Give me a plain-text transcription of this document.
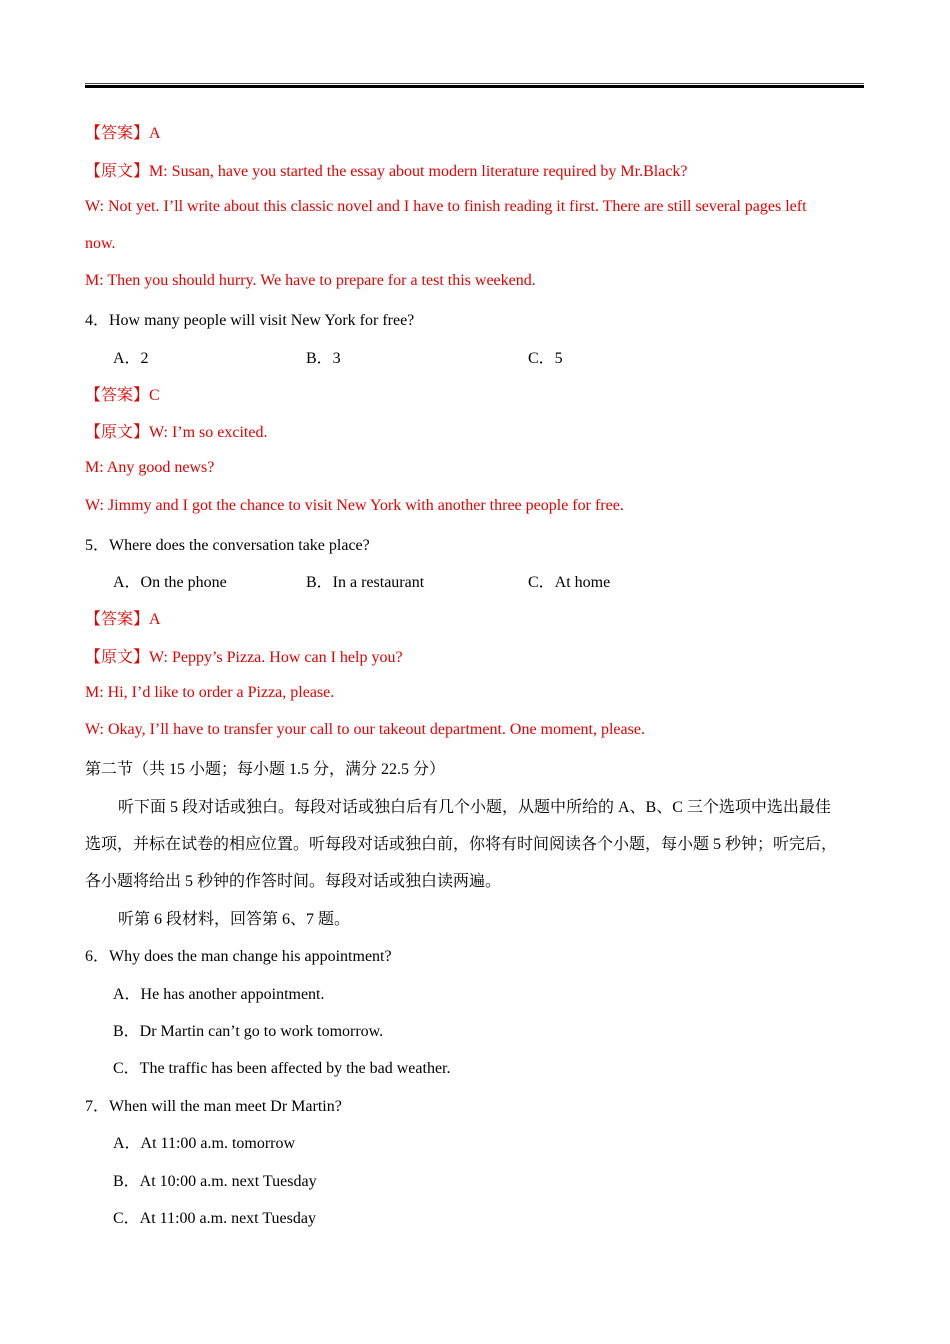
【答案】A
【原文】M: Susan, have you started the essay about modern literature required by Mr.Black?
W: Not yet. I’ll write about this classic novel and I have to finish reading it first. There are still several pages left
now.
M: Then you should hurry. We have to prepare for a test this weekend.
4．How many people will visit New York for free?
A．2	B．3	C．5
【答案】C
【原文】W: I’m so excited.
M: Any good news?
W: Jimmy and I got the chance to visit New York with another three people for free.
5．Where does the conversation take place?
A．On the phone	B．In a restaurant	C．At home
【答案】A
【原文】W: Peppy’s Pizza. How can I help you?
M: Hi, I’d like to order a Pizza, please.
W: Okay, I’ll have to transfer your call to our takeout department. One moment, please.
第二节（共 15 小题；每小题 1.5 分，满分 22.5 分）
听下面 5 段对话或独白。每段对话或独白后有几个小题，从题中所给的 A、B、C 三个选项中选出最佳
选项，并标在试卷的相应位置。听每段对话或独白前，你将有时间阅读各个小题，每小题 5 秒钟；听完后，
各小题将给出 5 秒钟的作答时间。每段对话或独白读两遍。
听第 6 段材料，回答第 6、7 题。
6．Why does the man change his appointment?
A．He has another appointment.
B．Dr Martin can’t go to work tomorrow.
C．The traffic has been affected by the bad weather.
7．When will the man meet Dr Martin?
A．At 11:00 a.m. tomorrow
B．At 10:00 a.m. next Tuesday
C．At 11:00 a.m. next Tuesday
